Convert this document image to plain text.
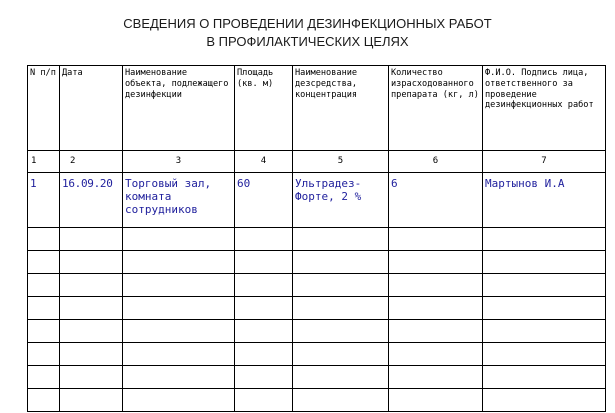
СВЕДЕНИЯ О ПРОВЕДЕНИИ ДЕЗИНФЕКЦИОННЫХ РАБОТ
В ПРОФИЛАКТИЧЕСКИХ ЦЕЛЯХ
N п/п	Дата	Наименование объекта, подлежащего дезинфекции	Площадь (кв. м)	Наименование дезсредства, концентрация	Количество израсходованного препарата (кг, л)	Ф.И.О. Подпись лица, ответственного за проведение дезинфекционных работ
1	2	3	4	5	6	7
1	16.09.20	Торговый зал, комната сотрудников	60	Ультрадез-Форте, 2 %	6	Мартынов И.А
